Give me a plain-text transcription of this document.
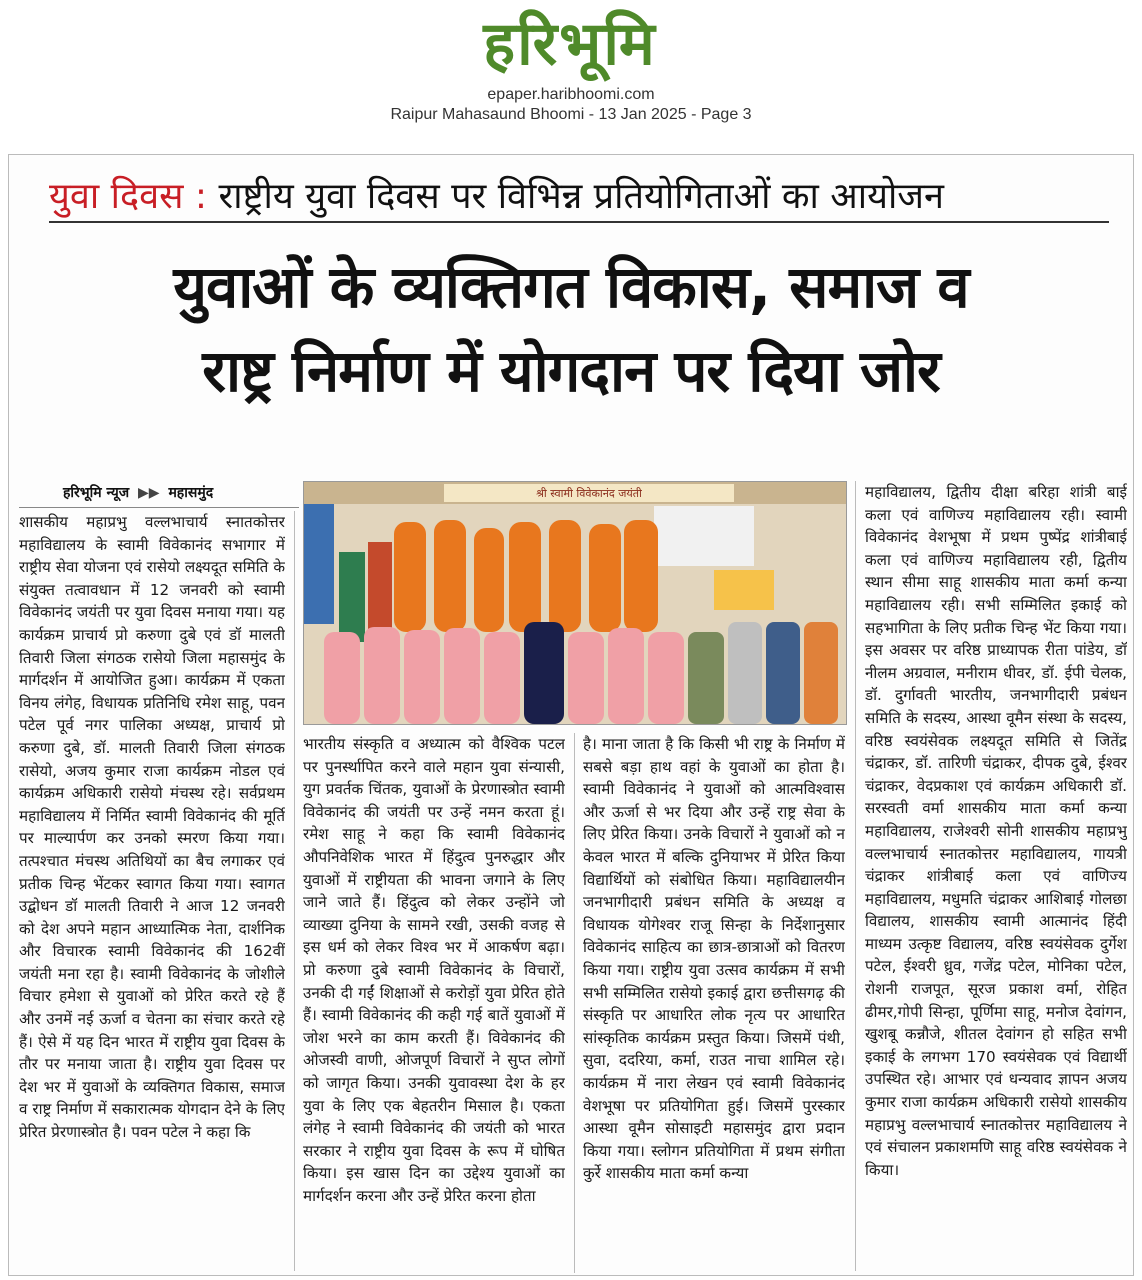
हरिभूमि
epaper.haribhoomi.com
Raipur Mahasaund Bhoomi - 13 Jan 2025 - Page 3
युवा दिवस : राष्ट्रीय युवा दिवस पर विभिन्न प्रतियोगिताओं का आयोजन
युवाओं के व्यक्तिगत विकास, समाज व
राष्ट्र निर्माण में योगदान पर दिया जोर
हरिभूमि न्यूज ▶▶ महासमुंद	श्री स्वामी विवेकानंद जयंती
शासकीय महाप्रभु वल्लभाचार्य स्नातकोत्तर महाविद्यालय के स्वामी विवेकानंद सभागार में राष्ट्रीय सेवा योजना एवं रासेयो लक्ष्यदूत समिति के संयुक्त तत्वावधान में 12 जनवरी को स्वामी विवेकानंद जयंती पर युवा दिवस मनाया गया। यह कार्यक्रम प्राचार्य प्रो करुणा दुबे एवं डॉ मालती तिवारी जिला संगठक रासेयो जिला महासमुंद के मार्गदर्शन में आयोजित हुआ। कार्यक्रम में एकता विनय लंगेह, विधायक प्रतिनिधि रमेश साहू, पवन पटेल पूर्व नगर पालिका अध्यक्ष, प्राचार्य प्रो करुणा दुबे, डॉ. मालती तिवारी जिला संगठक रासेयो, अजय कुमार राजा कार्यक्रम नोडल एवं कार्यक्रम अधिकारी रासेयो मंचस्थ रहे। सर्वप्रथम महाविद्यालय में निर्मित स्वामी विवेकानंद की मूर्ति पर माल्यार्पण कर उनको स्मरण किया गया। तत्पश्चात मंचस्थ अतिथियों का बैच लगाकर एवं प्रतीक चिन्ह भेंटकर स्वागत किया गया। स्वागत उद्बोधन डॉ मालती तिवारी ने आज 12 जनवरी को देश अपने महान आध्यात्मिक नेता, दार्शनिक और विचारक स्वामी विवेकानंद की 162वीं जयंती मना रहा है। स्वामी विवेकानंद के जोशीले विचार हमेशा से युवाओं को प्रेरित करते रहे हैं और उनमें नई ऊर्जा व चेतना का संचार करते रहे हैं। ऐसे में यह दिन भारत में राष्ट्रीय युवा दिवस के तौर पर मनाया जाता है। राष्ट्रीय युवा दिवस पर देश भर में युवाओं के व्यक्तिगत विकास, समाज व राष्ट्र निर्माण में सकारात्मक योगदान देने के लिए प्रेरित प्रेरणास्त्रोत है। पवन पटेल ने कहा कि
भारतीय संस्कृति व अध्यात्म को वैश्विक पटल पर पुनर्स्थापित करने वाले महान युवा संन्यासी, युग प्रवर्तक चिंतक, युवाओं के प्रेरणास्त्रोत स्वामी विवेकानंद की जयंती पर उन्हें नमन करता हूं। रमेश साहू ने कहा कि स्वामी विवेकानंद औपनिवेशिक भारत में हिंदुत्व पुनरुद्धार और युवाओं में राष्ट्रीयता की भावना जगाने के लिए जाने जाते हैं। हिंदुत्व को लेकर उन्होंने जो व्याख्या दुनिया के सामने रखी, उसकी वजह से इस धर्म को लेकर विश्व भर में आकर्षण बढ़ा। प्रो करुणा दुबे स्वामी विवेकानंद के विचारों, उनकी दी गईं शिक्षाओं से करोड़ों युवा प्रेरित होते हैं। स्वामी विवेकानंद की कही गई बातें युवाओं में जोश भरने का काम करती हैं। विवेकानंद की ओजस्वी वाणी, ओजपूर्ण विचारों ने सुप्त लोगों को जागृत किया। उनकी युवावस्था देश के हर युवा के लिए एक बेहतरीन मिसाल है। एकता लंगेह ने स्वामी विवेकानंद की जयंती को भारत सरकार ने राष्ट्रीय युवा दिवस के रूप में घोषित किया। इस खास दिन का उद्देश्य युवाओं का मार्गदर्शन करना और उन्हें प्रेरित करना होता
है। माना जाता है कि किसी भी राष्ट्र के निर्माण में सबसे बड़ा हाथ वहां के युवाओं का होता है। स्वामी विवेकानंद ने युवाओं को आत्मविश्वास और ऊर्जा से भर दिया और उन्हें राष्ट्र सेवा के लिए प्रेरित किया। उनके विचारों ने युवाओं को न केवल भारत में बल्कि दुनियाभर में प्रेरित किया विद्यार्थियों को संबोधित किया। महाविद्यालयीन जनभागीदारी प्रबंधन समिति के अध्यक्ष व विधायक योगेश्वर राजू सिन्हा के निर्देशानुसार विवेकानंद साहित्य का छात्र-छात्राओं को वितरण किया गया। राष्ट्रीय युवा उत्सव कार्यक्रम में सभी सभी सम्मिलित रासेयो इकाई द्वारा छत्तीसगढ़ की संस्कृति पर आधारित लोक नृत्य पर आधारित सांस्कृतिक कार्यक्रम प्रस्तुत किया। जिसमें पंथी, सुवा, ददरिया, कर्मा, राउत नाचा शामिल रहे। कार्यक्रम में नारा लेखन एवं स्वामी विवेकानंद वेशभूषा पर प्रतियोगिता हुई। जिसमें पुरस्कार आस्था वूमैन सोसाइटी महासमुंद द्वारा प्रदान किया गया। स्लोगन प्रतियोगिता में प्रथम संगीता कुर्रे शासकीय माता कर्मा कन्या
महाविद्यालय, द्वितीय दीक्षा बरिहा शांत्री बाई कला एवं वाणिज्य महाविद्यालय रही। स्वामी विवेकानंद वेशभूषा में प्रथम पुष्पेंद्र शांत्रीबाई कला एवं वाणिज्य महाविद्यालय रही, द्वितीय स्थान सीमा साहू शासकीय माता कर्मा कन्या महाविद्यालय रही। सभी सम्मिलित इकाई को सहभागिता के लिए प्रतीक चिन्ह भेंट किया गया। इस अवसर पर वरिष्ठ प्राध्यापक रीता पांडेय, डॉ नीलम अग्रवाल, मनीराम धीवर, डॉ. ईपी चेलक, डॉ. दुर्गावती भारतीय, जनभागीदारी प्रबंधन समिति के सदस्य, आस्था वूमैन संस्था के सदस्य, वरिष्ठ स्वयंसेवक लक्ष्यदूत समिति से जितेंद्र चंद्राकर, डॉ. तारिणी चंद्राकर, दीपक दुबे, ईश्वर चंद्राकर, वेदप्रकाश एवं कार्यक्रम अधिकारी डॉ. सरस्वती वर्मा शासकीय माता कर्मा कन्या महाविद्यालय, राजेश्वरी सोनी शासकीय महाप्रभु वल्लभाचार्य स्नातकोत्तर महाविद्यालय, गायत्री चंद्राकर शांत्रीबाई कला एवं वाणिज्य महाविद्यालय, मधुमति चंद्राकर आशिबाई गोलछा विद्यालय, शासकीय स्वामी आत्मानंद हिंदी माध्यम उत्कृष्ट विद्यालय, वरिष्ठ स्वयंसेवक दुर्गेश पटेल, ईश्वरी ध्रुव, गजेंद्र पटेल, मोनिका पटेल, रोशनी राजपूत, सूरज प्रकाश वर्मा, रोहित ढीमर,गोपी सिन्हा, पूर्णिमा साहू, मनोज देवांगन, खुशबू कन्नौजे, शीतल देवांगन हो सहित सभी इकाई के लगभग 170 स्वयंसेवक एवं विद्यार्थी उपस्थित रहे। आभार एवं धन्यवाद ज्ञापन अजय कुमार राजा कार्यक्रम अधिकारी रासेयो शासकीय महाप्रभु वल्लभाचार्य स्नातकोत्तर महाविद्यालय ने एवं संचालन प्रकाशमणि साहू वरिष्ठ स्वयंसेवक ने किया।
